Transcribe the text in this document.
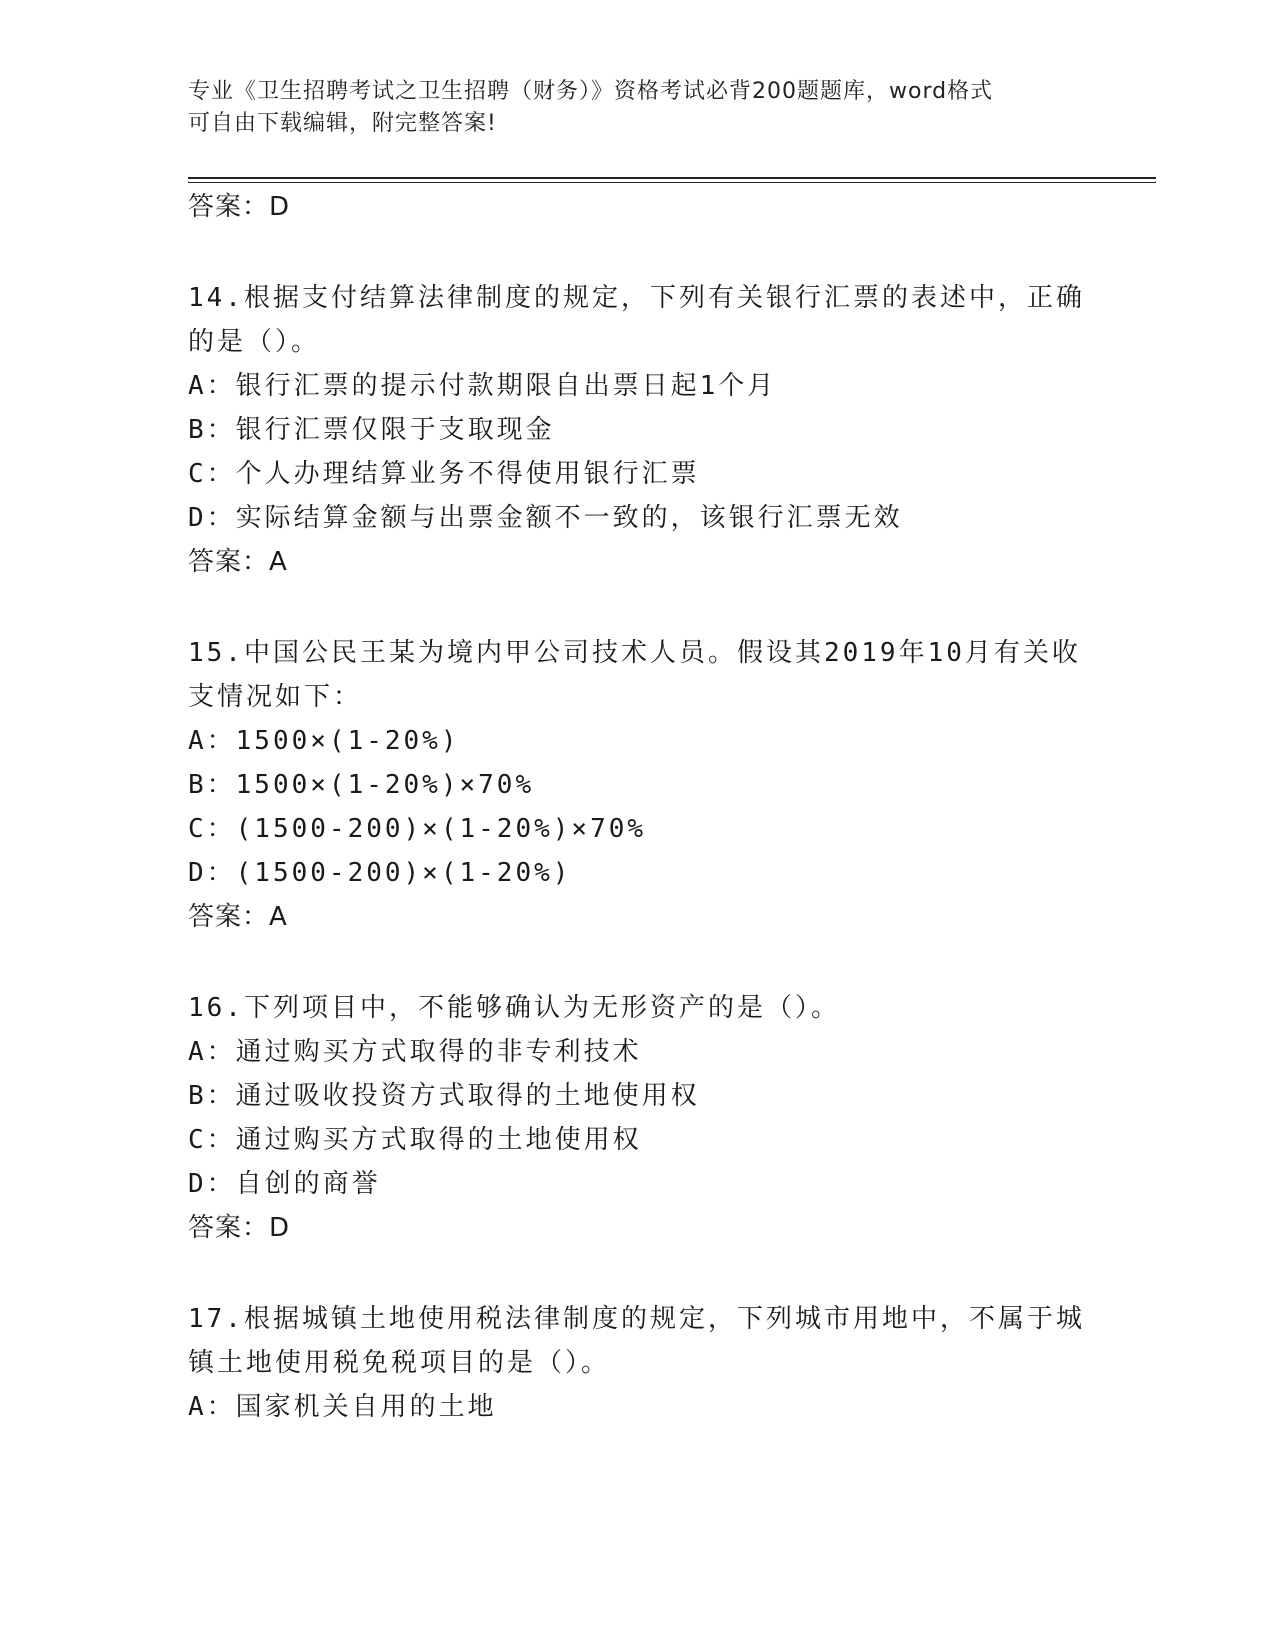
专业《卫生招聘考试之卫生招聘（财务）》资格考试必背200题题库，word格式
可自由下载编辑，附完整答案!
答案：D
14.根据支付结算法律制度的规定，下列有关银行汇票的表述中，正确
的是（）。
A：银行汇票的提示付款期限自出票日起1个月
B：银行汇票仅限于支取现金
C：个人办理结算业务不得使用银行汇票
D：实际结算金额与出票金额不一致的，该银行汇票无效
答案：A
15.中国公民王某为境内甲公司技术人员。假设其2019年10月有关收
支情况如下：
A：1500×(1-20%)
B：1500×(1-20%)×70%
C：(1500-200)×(1-20%)×70%
D：(1500-200)×(1-20%)
答案：A
16.下列项目中，不能够确认为无形资产的是（）。
A：通过购买方式取得的非专利技术
B：通过吸收投资方式取得的土地使用权
C：通过购买方式取得的土地使用权
D：自创的商誉
答案：D
17.根据城镇土地使用税法律制度的规定，下列城市用地中，不属于城
镇土地使用税免税项目的是（）。
A：国家机关自用的土地
